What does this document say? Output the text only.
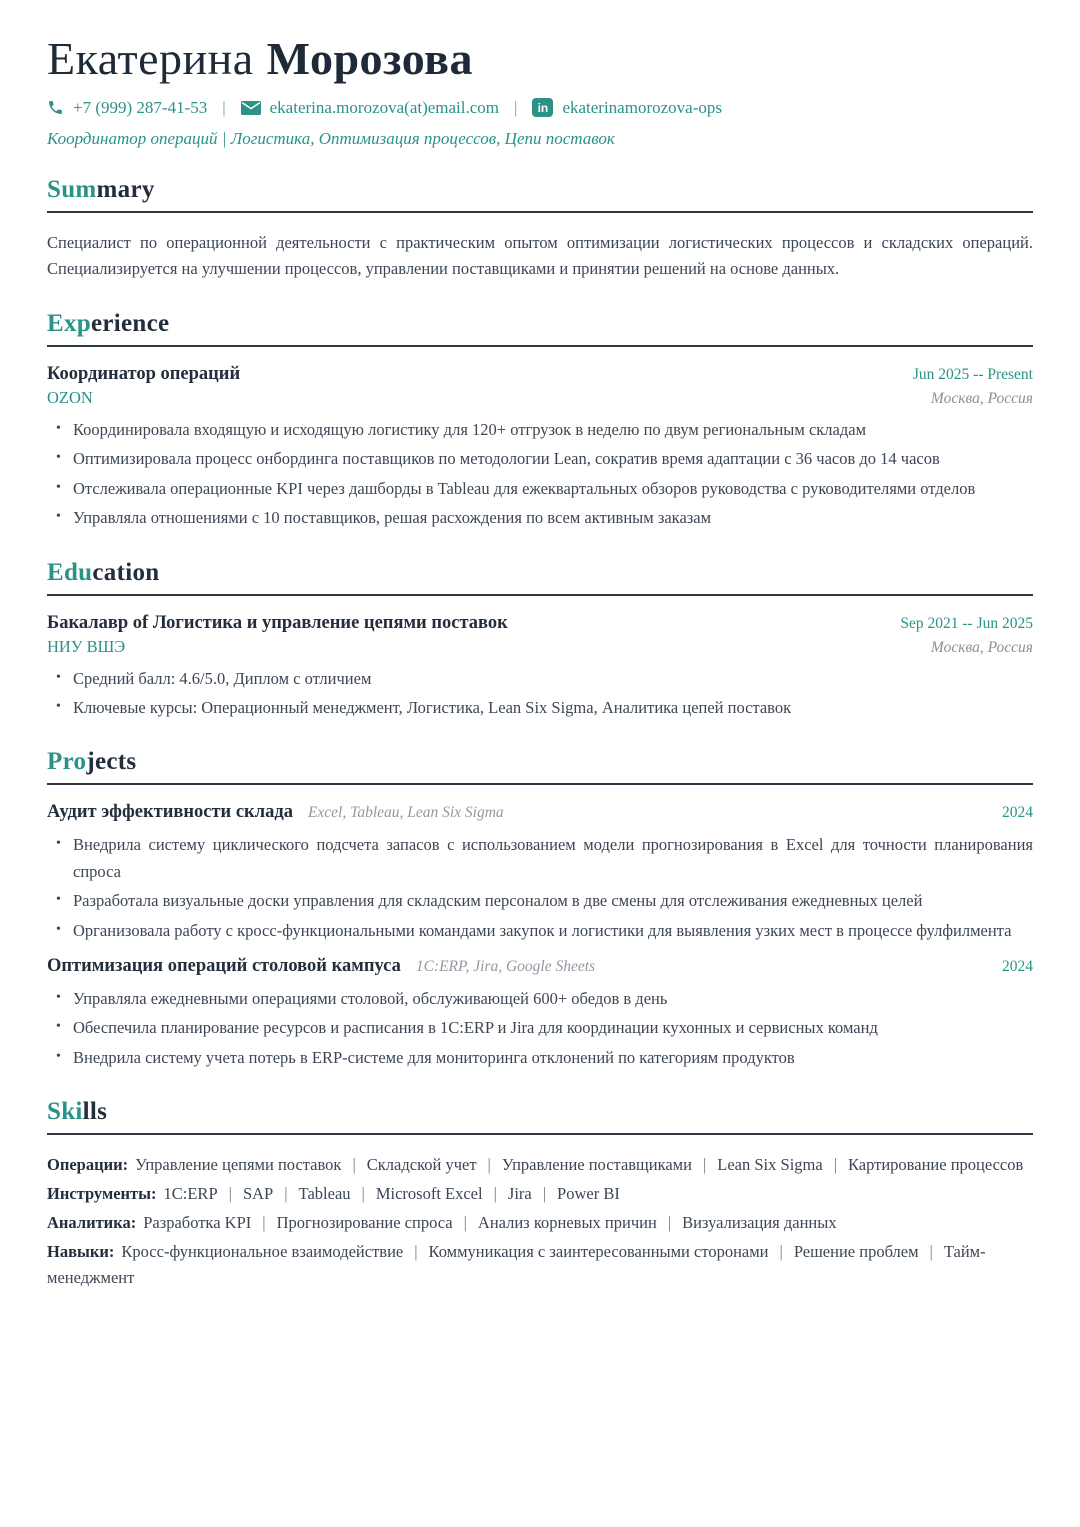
Екатерина Морозова
+7 (999) 287-41-53 |	ekaterina.morozova(at)email.com |	in ekaterinamorozova-ops
Координатор операций | Логистика, Оптимизация процессов, Цепи поставок
Summary

Специалист по операционной деятельности с практическим опытом оптимизации логистических процессов и складских операций. Специализируется на улучшении процессов, управлении поставщиками и принятии решений на основе данных.

Experience
Координатор операций	Jun 2025 -- Present
OZON	Москва, Россия
• Координировала входящую и исходящую логистику для 120+ отгрузок в неделю по двум региональным складам
• Оптимизировала процесс онбординга поставщиков по методологии Lean, сократив время адаптации с 36 часов до 14 часов
• Отслеживала операционные KPI через дашборды в Tableau для ежеквартальных обзоров руководства с руководителями отделов
• Управляла отношениями с 10 поставщиков, решая расхождения по всем активным заказам
Education
Бакалавр of Логистика и управление цепями поставок	Sep 2021 -- Jun 2025
НИУ ВШЭ	Москва, Россия
• Средний балл: 4.6/5.0, Диплом с отличием
• Ключевые курсы: Операционный менеджмент, Логистика, Lean Six Sigma, Аналитика цепей поставок
Projects
Аудит эффективности склада Excel, Tableau, Lean Six Sigma	2024
• Внедрила систему циклического подсчета запасов с использованием модели прогнозирования в Excel для точности планирования спроса
• Разработала визуальные доски управления для складским персоналом в две смены для отслеживания ежедневных целей
• Организовала работу с кросс-функциональными командами закупок и логистики для выявления узких мест в процессе фулфилмента
Оптимизация операций столовой кампуса 1C:ERP, Jira, Google Sheets	2024
• Управляла ежедневными операциями столовой, обслуживающей 600+ обедов в день
• Обеспечила планирование ресурсов и расписания в 1C:ERP и Jira для координации кухонных и сервисных команд
• Внедрила систему учета потерь в ERP-системе для мониторинга отклонений по категориям продуктов
Skills
Операции: Управление цепями поставок | Складской учет | Управление поставщиками | Lean Six Sigma | Картирование процессов
Инструменты: 1C:ERP | SAP | Tableau | Microsoft Excel | Jira | Power BI
Аналитика: Разработка KPI | Прогнозирование спроса | Анализ корневых причин | Визуализация данных
Навыки: Кросс-функциональное взаимодействие | Коммуникация с заинтересованными сторонами | Решение проблем | Тайм-менеджмент
